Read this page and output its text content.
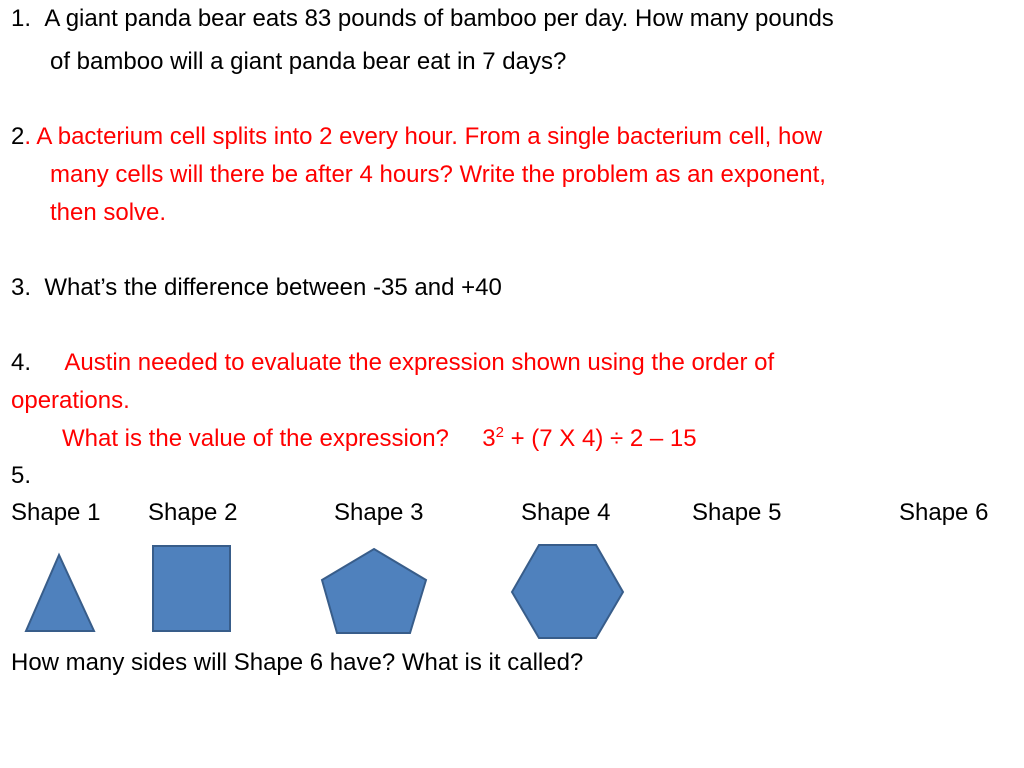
1. A giant panda bear eats 83 pounds of bamboo per day. How many pounds

of bamboo will a giant panda bear eat in 7 days?

2. A bacterium cell splits into 2 every hour. From a single bacterium cell, how

many cells will there be after 4 hours? Write the problem as an exponent,

then solve.

3. What’s the difference between -35 and +40

4. Austin needed to evaluate the expression shown using the order of

operations.

What is the value of the expression? $3^2 + (7$ X 4) ÷ 2 – 15

5.

Shape 1 Shape 2	Shape 3	Shape 4	Shape 5	Shape 6

How many sides will Shape 6 have? What is it called?
